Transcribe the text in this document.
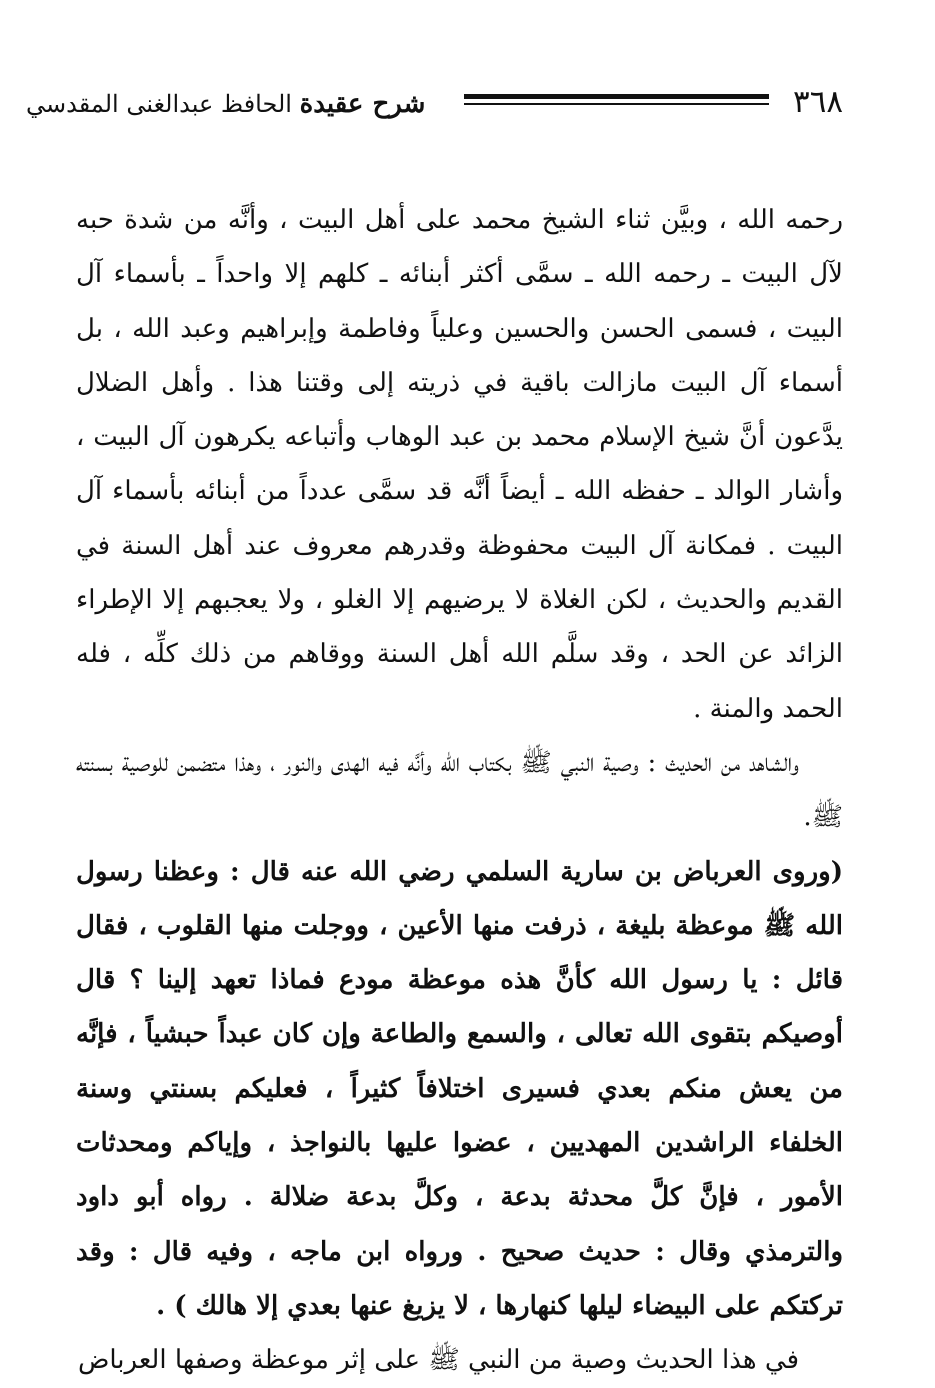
٣٦٨
شرح عقيدة الحافظ عبدالغنى المقدسي

رحمه الله ، وبيَّن ثناء الشيخ محمد على أهل البيت ، وأنَّه من شدة حبه لآل البيت ـ رحمه الله ـ سمَّى أكثر أبنائه ـ كلهم إلا واحداً ـ بأسماء آل البيت ، فسمى الحسن والحسين وعلياً وفاطمة وإبراهيم وعبد الله ، بل أسماء آل البيت مازالت باقية في ذريته إلى وقتنا هذا . وأهل الضلال يدَّعون أنَّ شيخ الإسلام محمد بن عبد الوهاب وأتباعه يكرهون آل البيت ، وأشار الوالد ـ حفظه الله ـ أيضاً أنَّه قد سمَّى عدداً من أبنائه بأسماء آل البيت . فمكانة آل البيت محفوظة وقدرهم معروف عند أهل السنة في القديم والحديث ، لكن الغلاة لا يرضيهم إلا الغلو ، ولا يعجبهم إلا الإطراء الزائد عن الحد ، وقد سلَّم الله أهل السنة ووقاهم من ذلك كلِّه ، فله الحمد والمنة .

والشاهد من الحديث : وصية النبي ﷺ بكتاب الله وأنَّه فيه الهدى والنور ، وهذا متضمن للوصية بسنته ﷺ.

(وروى العرباض بن سارية السلمي رضي الله عنه قال : وعظنا رسول الله ﷺ موعظة بليغة ، ذرفت منها الأعين ، ووجلت منها القلوب ، فقال قائل : يا رسول الله كأنَّ هذه موعظة مودع فماذا تعهد إلينا ؟ قال أوصيكم بتقوى الله تعالى ، والسمع والطاعة وإن كان عبداً حبشياً ، فإنَّه من يعش منكم بعدي فسيرى اختلافاً كثيراً ، فعليكم بسنتي وسنة الخلفاء الراشدين المهديين ، عضوا عليها بالنواجذ ، وإياكم ومحدثات الأمور ، فإنَّ كلَّ محدثة بدعة ، وكلَّ بدعة ضلالة . رواه أبو داود والترمذي وقال : حديث صحيح . ورواه ابن ماجه ، وفيه قال : وقد تركتكم على البيضاء ليلها كنهارها ، لا يزيغ عنها بعدي إلا هالك ) .

في هذا الحديث وصية من النبي ﷺ على إثر موعظة وصفها العرباض
